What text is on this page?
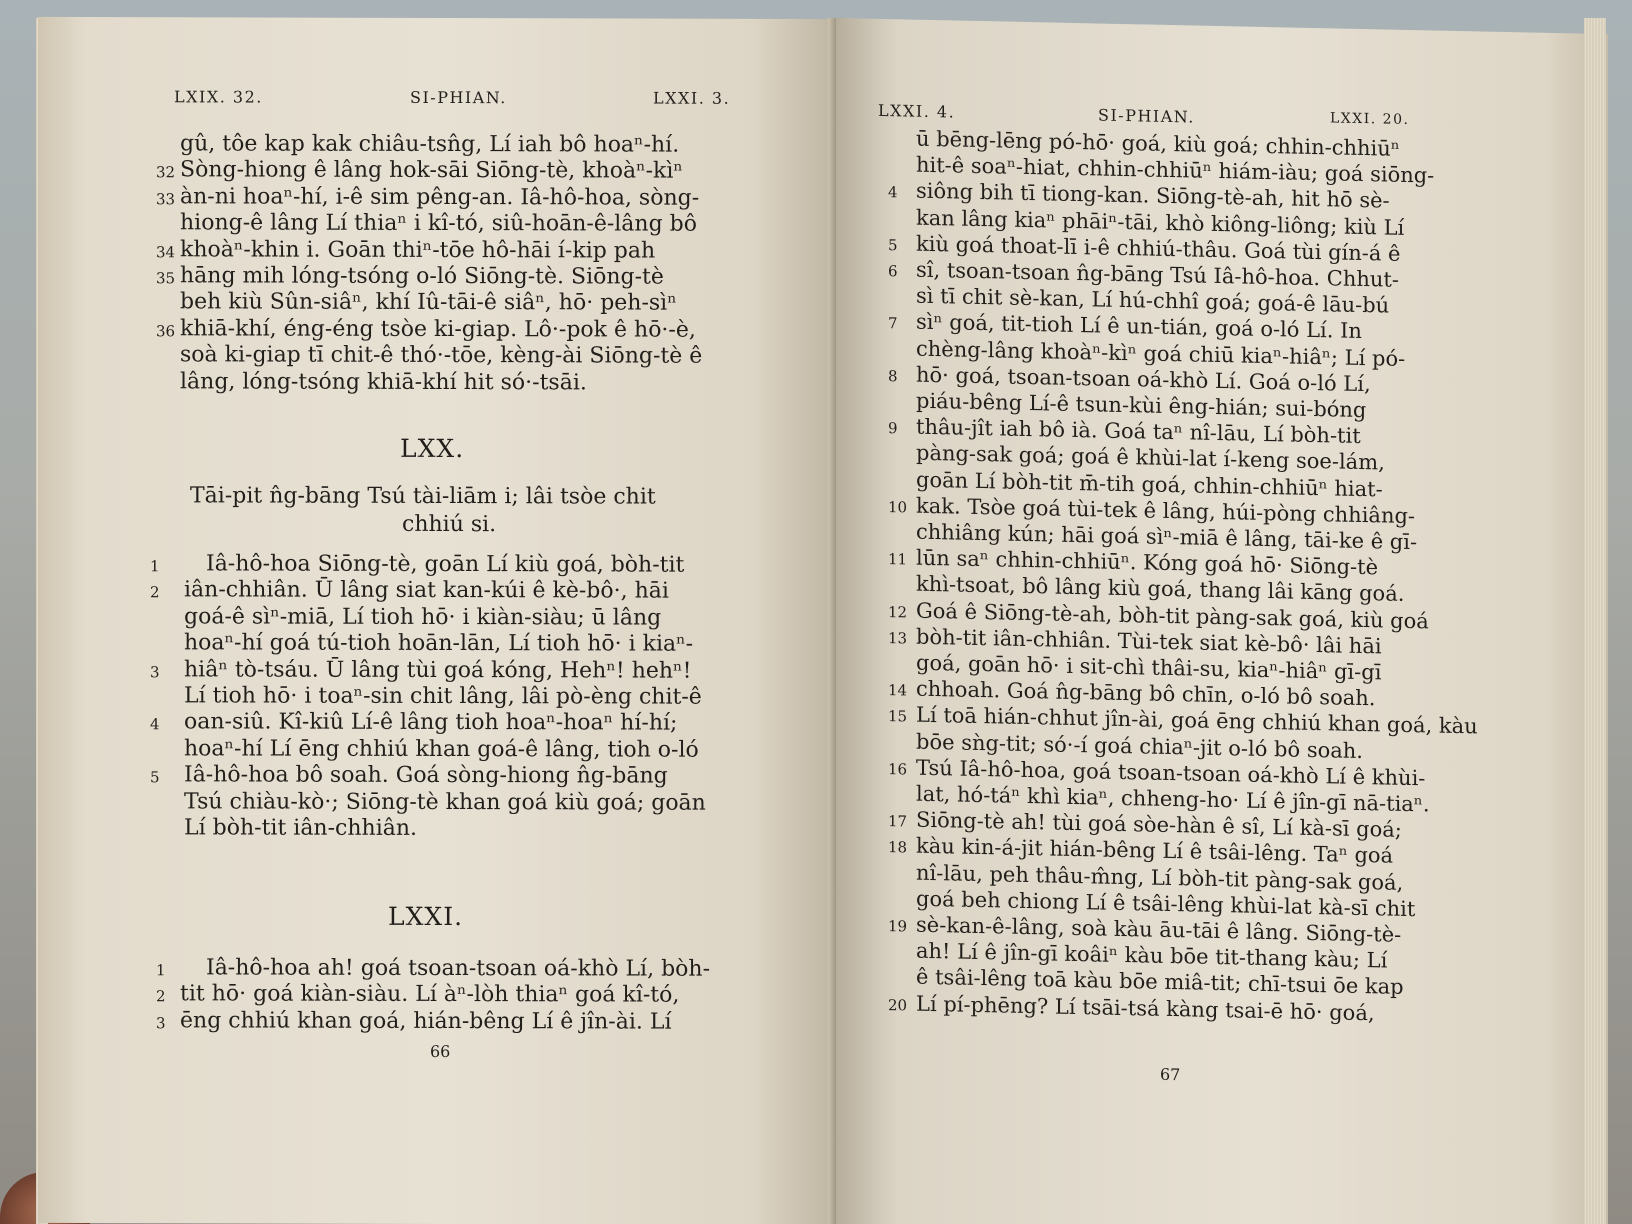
LXIX. 32.	SI-PHIAN.	LXXI. 3.
gû, tôe kap kak chiâu-tsn̂g, Lí iah bô hoaⁿ-hí.
Sòng-hiong ê lâng hok-sāi Siōng-tè, khoàⁿ-kìⁿ
àn-ni hoaⁿ-hí, i-ê sim pêng-an. Iâ-hô-hoa, sòng-
hiong-ê lâng Lí thiaⁿ i kî-tó, siû-hoān-ê-lâng bô
khoàⁿ-khin i. Goān thiⁿ-tōe hô-hāi í-kip pah
hāng mih lóng-tsóng o-ló Siōng-tè. Siōng-tè
beh kiù Sûn-siâⁿ, khí Iû-tāi-ê siâⁿ, hō· peh-sìⁿ
khiā-khí, éng-éng tsòe ki-giap. Lô·-pok ê hō·-è,
soà ki-giap tī chit-ê thó·-tōe, kèng-ài Siōng-tè ê
lâng, lóng-tsóng khiā-khí hit só·-tsāi.
32
33
34
35
36
LXX.
Tāi-pit n̂g-bāng Tsú tài-liām i; lâi tsòe chit
chhiú si.
Iâ-hô-hoa Siōng-tè, goān Lí kiù goá, bòh-tit
iân-chhiân. Ū lâng siat kan-kúi ê kè-bô·, hāi
goá-ê sìⁿ-miā, Lí tioh hō· i kiàn-siàu; ū lâng
hoaⁿ-hí goá tú-tioh hoān-lān, Lí tioh hō· i kiaⁿ-
hiâⁿ tò-tsáu. Ū lâng tùi goá kóng, Hehⁿ! hehⁿ!
Lí tioh hō· i toaⁿ-sin chit lâng, lâi pò-èng chit-ê
oan-siû. Kî-kiû Lí-ê lâng tioh hoaⁿ-hoaⁿ hí-hí;
hoaⁿ-hí Lí ēng chhiú khan goá-ê lâng, tioh o-ló
Iâ-hô-hoa bô soah. Goá sòng-hiong n̂g-bāng
Tsú chiàu-kò·; Siōng-tè khan goá kiù goá; goān
Lí bòh-tit iân-chhiân.
1
2
3
4
5
LXXI.
Iâ-hô-hoa ah! goá tsoan-tsoan oá-khò Lí, bòh-
tit hō· goá kiàn-siàu. Lí àⁿ-lòh thiaⁿ goá kî-tó,
ēng chhiú khan goá, hián-bêng Lí ê jîn-ài. Lí
1
2
3
66
LXXI. 4.	SI-PHIAN.	LXXI. 20.
ū bēng-lēng pó-hō· goá, kiù goá; chhin-chhiūⁿ
hit-ê soaⁿ-hiat, chhin-chhiūⁿ hiám-iàu; goá siōng-
siông bih tī tiong-kan. Siōng-tè-ah, hit hō sè-
kan lâng kiaⁿ phāiⁿ-tāi, khò kiông-liông; kiù Lí
kiù goá thoat-lī i-ê chhiú-thâu. Goá tùi gín-á ê
sî, tsoan-tsoan n̂g-bāng Tsú Iâ-hô-hoa. Chhut-
sì tī chit sè-kan, Lí hú-chhî goá; goá-ê lāu-bú
sìⁿ goá, tit-tioh Lí ê un-tián, goá o-ló Lí. In
chèng-lâng khoàⁿ-kìⁿ goá chiū kiaⁿ-hiâⁿ; Lí pó-
hō· goá, tsoan-tsoan oá-khò Lí. Goá o-ló Lí,
piáu-bêng Lí-ê tsun-kùi êng-hián; sui-bóng
thâu-jît iah bô ià. Goá taⁿ nî-lāu, Lí bòh-tit
pàng-sak goá; goá ê khùi-lat í-keng soe-lám,
goān Lí bòh-tit m̄-tih goá, chhin-chhiūⁿ hiat-
kak. Tsòe goá tùi-tek ê lâng, húi-pòng chhiâng-
chhiâng kún; hāi goá sìⁿ-miā ê lâng, tāi-ke ê gī-
lūn saⁿ chhin-chhiūⁿ. Kóng goá hō· Siōng-tè
khì-tsoat, bô lâng kiù goá, thang lâi kāng goá.
Goá ê Siōng-tè-ah, bòh-tit pàng-sak goá, kiù goá
bòh-tit iân-chhiân. Tùi-tek siat kè-bô· lâi hāi
goá, goān hō· i sit-chì thâi-su, kiaⁿ-hiâⁿ gī-gī
chhoah. Goá n̂g-bāng bô chīn, o-ló bô soah.
Lí toā hián-chhut jîn-ài, goá ēng chhiú khan goá, kàu
bōe sǹg-tit; só·-í goá chiaⁿ-jit o-ló bô soah.
Tsú Iâ-hô-hoa, goá tsoan-tsoan oá-khò Lí ê khùi-
lat, hó-táⁿ khì kiaⁿ, chheng-ho· Lí ê jîn-gī nā-tiaⁿ.
Siōng-tè ah! tùi goá sòe-hàn ê sî, Lí kà-sī goá;
kàu kin-á-jit hián-bêng Lí ê tsâi-lêng. Taⁿ goá
nî-lāu, peh thâu-m̂ng, Lí bòh-tit pàng-sak goá,
goá beh chiong Lí ê tsâi-lêng khùi-lat kà-sī chit
sè-kan-ê-lâng, soà kàu āu-tāi ê lâng. Siōng-tè-
ah! Lí ê jîn-gī koâiⁿ kàu bōe tit-thang kàu; Lí
ê tsâi-lêng toā kàu bōe miâ-tit; chī-tsui ōe kap
Lí pí-phēng? Lí tsāi-tsá kàng tsai-ē hō· goá,
4
5
6
7
8
9
10
11
12
13
14
15
16
17
18
19
20
67
